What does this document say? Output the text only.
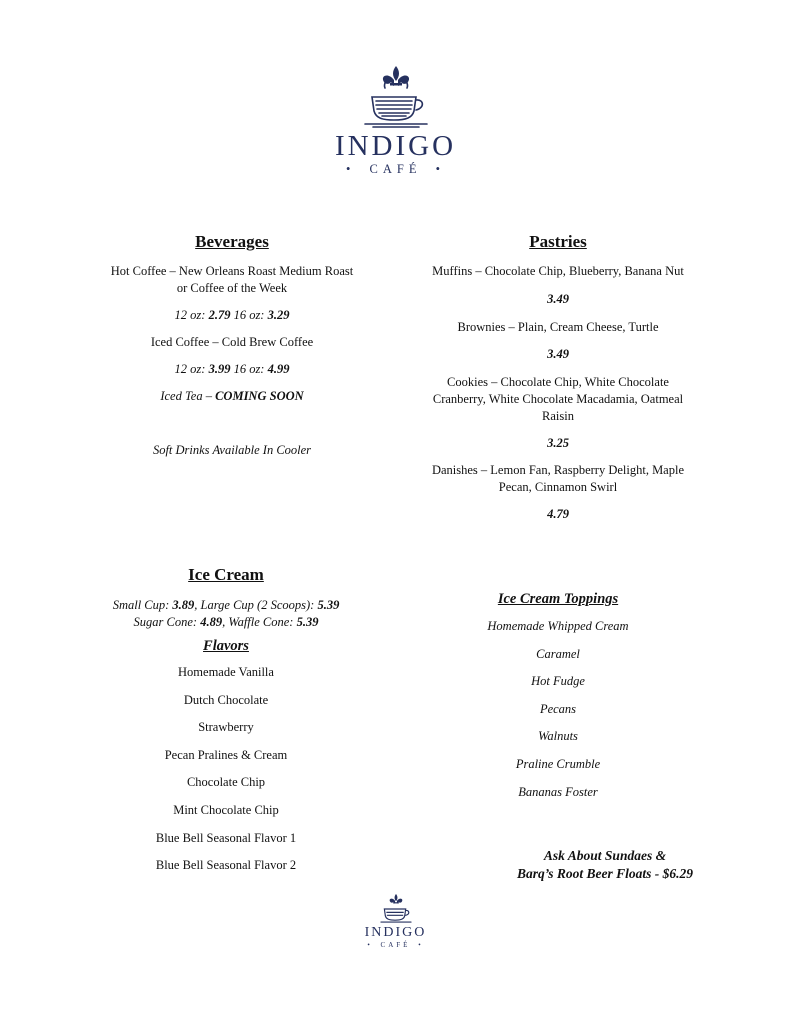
INDIGO
• CAFÉ •
Beverages
Hot Coffee – New Orleans Roast Medium Roast
or Coffee of the Week
12 oz: 2.79 16 oz: 3.29
Iced Coffee – Cold Brew Coffee
12 oz: 3.99 16 oz: 4.99
Iced Tea – COMING SOON
Soft Drinks Available In Cooler
Pastries
Muffins – Chocolate Chip, Blueberry, Banana Nut
3.49
Brownies – Plain, Cream Cheese, Turtle
3.49
Cookies – Chocolate Chip, White Chocolate
Cranberry, White Chocolate Macadamia, Oatmeal
Raisin
3.25
Danishes – Lemon Fan, Raspberry Delight, Maple
Pecan, Cinnamon Swirl
4.79
Ice Cream
Small Cup: 3.89, Large Cup (2 Scoops): 5.39
Sugar Cone: 4.89, Waffle Cone: 5.39
Flavors
Homemade Vanilla
Dutch Chocolate
Strawberry
Pecan Pralines & Cream
Chocolate Chip
Mint Chocolate Chip
Blue Bell Seasonal Flavor 1
Blue Bell Seasonal Flavor 2
Ice Cream Toppings
Homemade Whipped Cream
Caramel
Hot Fudge
Pecans
Walnuts
Praline Crumble
Bananas Foster
Ask About Sundaes &
Barq’s Root Beer Floats - $6.29
INDIGO
• CAFÉ •
